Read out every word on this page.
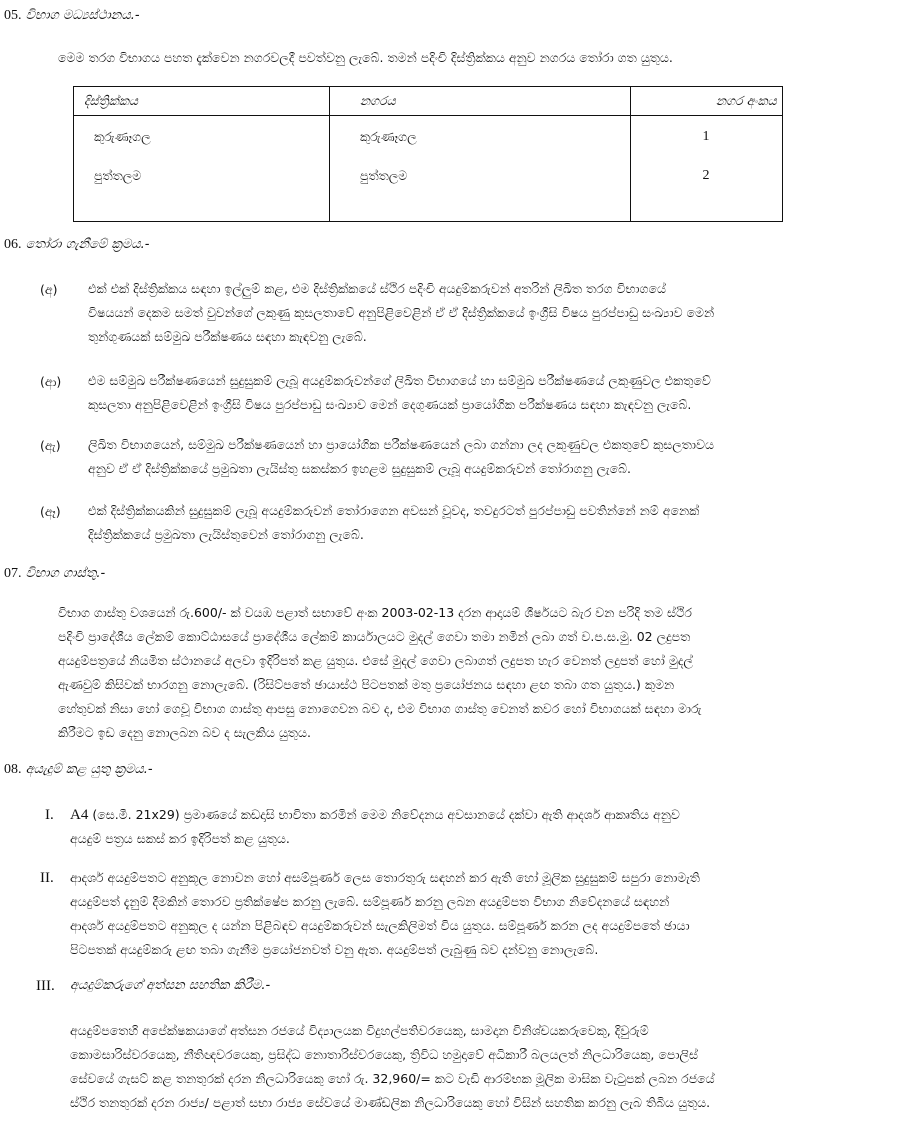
05. විභාග මධ්‍යස්ථානය.-
මෙම තරග විභාගය පහත දැක්වෙන නගරවලදී පවත්වනු ලැබේ. තමන් පදිංචි දිස්ත්‍රික්කය අනුව නගරය තෝරා ගත යුතුය.
දිස්ත්‍රික්කය	නගරය	නගර අංකය
කුරුණෑගල	කුරුණෑගල	1
පුත්තලම	පුත්තලම	2
06. තෝරා ගැනීමේ ක්‍රමය.-
(අ) එක් එක් දිස්ත්‍රික්කය සඳහා ඉල්ලුම් කළ, එම දිස්ත්‍රික්කයේ ස්ථිර පදිංචි අයදුම්කරුවන් අතරින් ලිඛිත තරග විභාගයේ
විෂයයන් දෙකම සමත් වුවන්ගේ ලකුණු කුසලතාවේ අනුපිළිවෙළින් ඒ ඒ දිස්ත්‍රික්කයේ ඉංග්‍රීසි විෂය පුරප්පාඩු සංඛ්‍යාව මෙන්
තුන්ගුණයක් සම්මුඛ පරීක්ෂණය සඳහා කැඳවනු ලැබේ.
(ආ) එම සම්මුඛ පරීක්ෂණයෙන් සුදුසුකම් ලැබූ අයදුම්කරුවන්ගේ ලිඛිත විභාගයේ හා සම්මුඛ පරීක්ෂණයේ ලකුණුවල එකතුවේ
කුසලතා අනුපිළිවෙළින් ඉංග්‍රීසි විෂය පුරප්පාඩු සංඛ්‍යාව මෙන් දෙගුණයක් ප්‍රායෝගික පරීක්ෂණය සඳහා කැඳවනු ලැබේ.
(ඇ) ලිඛිත විභාගයෙන්, සම්මුඛ පරීක්ෂණයෙන් හා ප්‍රායෝගික පරීක්ෂණයෙන් ලබා ගන්නා ලද ලකුණුවල එකතුවේ කුසලතාවය
අනුව ඒ ඒ දිස්ත්‍රික්කයේ ප්‍රමුඛතා ලැයිස්තු සකස්කර ඉහළම සුදුසුකම් ලැබූ අයදුම්කරුවන් තෝරාගනු ලැබේ.
(ඈ) එක් දිස්ත්‍රික්කයකින් සුදුසුකම් ලැබූ අයදුම්කරුවන් තෝරාගෙන අවසන් වූවද, තවදුරටත් පුරප්පාඩු පවතින්නේ නම් අනෙක්
දිස්ත්‍රික්කයේ ප්‍රමුඛතා ලැයිස්තුවෙන් තෝරාගනු ලැබේ.
07. විභාග ගාස්තු.-
විභාග ගාස්තු වශයෙන් රු.600/- ක් වයඹ පළාත් සභාවේ අංක 2003-02-13 දරන ආදායම් ශීර්ෂයට බැර වන පරිදි තම ස්ථිර
පදිංචි ප්‍රාදේශීය ලේකම් කොට්ඨාසයේ ප්‍රාදේශීය ලේකම් කාර්යාලයට මුදල් ගෙවා තමා නමින් ලබා ගත් ව.ප.ස.මු. 02 ලදුපත
අයදුම්පත්‍රයේ නියමිත ස්ථානයේ අලවා ඉදිරිපත් කළ යුතුය. එසේ මුදල් ගෙවා ලබාගත් ලදුපත හැර වෙනත් ලදුපත් හෝ මුදල්
ඇණවුම් කිසිවක් භාරගනු නොලැබේ. (රිසිට්පතේ ඡායාස්ථ පිටපතක් මතු ප්‍රයෝජනය සඳහා ළඟ තබා ගත යුතුය.) කුමන
හේතුවක් නිසා හෝ ගෙවූ විභාග ගාස්තු ආපසු නොගෙවන බව ද, එම විභාග ගාස්තු වෙනත් කවර හෝ විභාගයක් සඳහා මාරු
කිරීමට ඉඩ දෙනු නොලබන බව ද සැලකිය යුතුය.
08. අයැදුම් කළ යුතු ක්‍රමය.-
I. A4 (සෙ.මී. 21x29) ප්‍රමාණයේ කඩදාසි භාවිතා කරමින් මෙම නිවේදනය අවසානයේ දක්වා ඇති ආදර්ශ ආකෘතිය අනුව
අයදුම් පත්‍රය සකස් කර ඉදිරිපත් කළ යුතුය.
II. ආදර්ශ අයදුම්පතට අනුකූල නොවන හෝ අසම්පූර්ණ ලෙස තොරතුරු සඳහන් කර ඇති හෝ මූලික සුදුසුකම් සපුරා නොමැති
අයදුම්පත් දැනුම් දීමකින් තොරව ප්‍රතික්ෂේප කරනු ලැබේ. සම්පූර්ණ කරනු ලබන අයදුම්පත විභාග නිවේදනයේ සඳහන්
ආදර්ශ අයදුම්පතට අනුකූල ද යන්න පිළිබඳව අයදුම්කරුවන් සැලකිලිමත් විය යුතුය. සම්පූර්ණ කරන ලද අයදුම්පතේ ඡායා
පිටපතක් අයදුම්කරු ළඟ තබා ගැනීම ප්‍රයෝජනවත් වනු ඇත. අයදුම්පත් ලැබුණු බව දන්වනු නොලැබේ.
III. අයදුම්කරුගේ අත්සන සහතික කිරීම.-
අයදුම්පතෙහි අපේක්ෂකයාගේ අත්සන රජයේ විද්‍යාලයක විදුහල්පතිවරයෙකු, සාමදාන විනිශ්චයකරුවෙකු, දිවුරුම්
කොමසාරිස්වරයෙකු, නීතිඥවරයෙකු, ප්‍රසිද්ධ නොතාරිස්වරයෙකු, ත්‍රිවිධ හමුදාවේ අධිකාරී බලයලත් නිලධාරියෙකු, පොලිස්
සේවයේ ගැසට් කළ තනතුරක් දරන නිලධාරියෙකු හෝ රු. 32,960/= කට වැඩි ආරම්භක මූලික මාසික වැටුපක් ලබන රජයේ
ස්ථිර තනතුරක් දරන රාජ්‍ය/ පළාත් සභා රාජ්‍ය සේවයේ මාණ්ඩලික නිලධාරියෙකු හෝ විසින් සහතික කරනු ලැබ තිබිය යුතුය.
